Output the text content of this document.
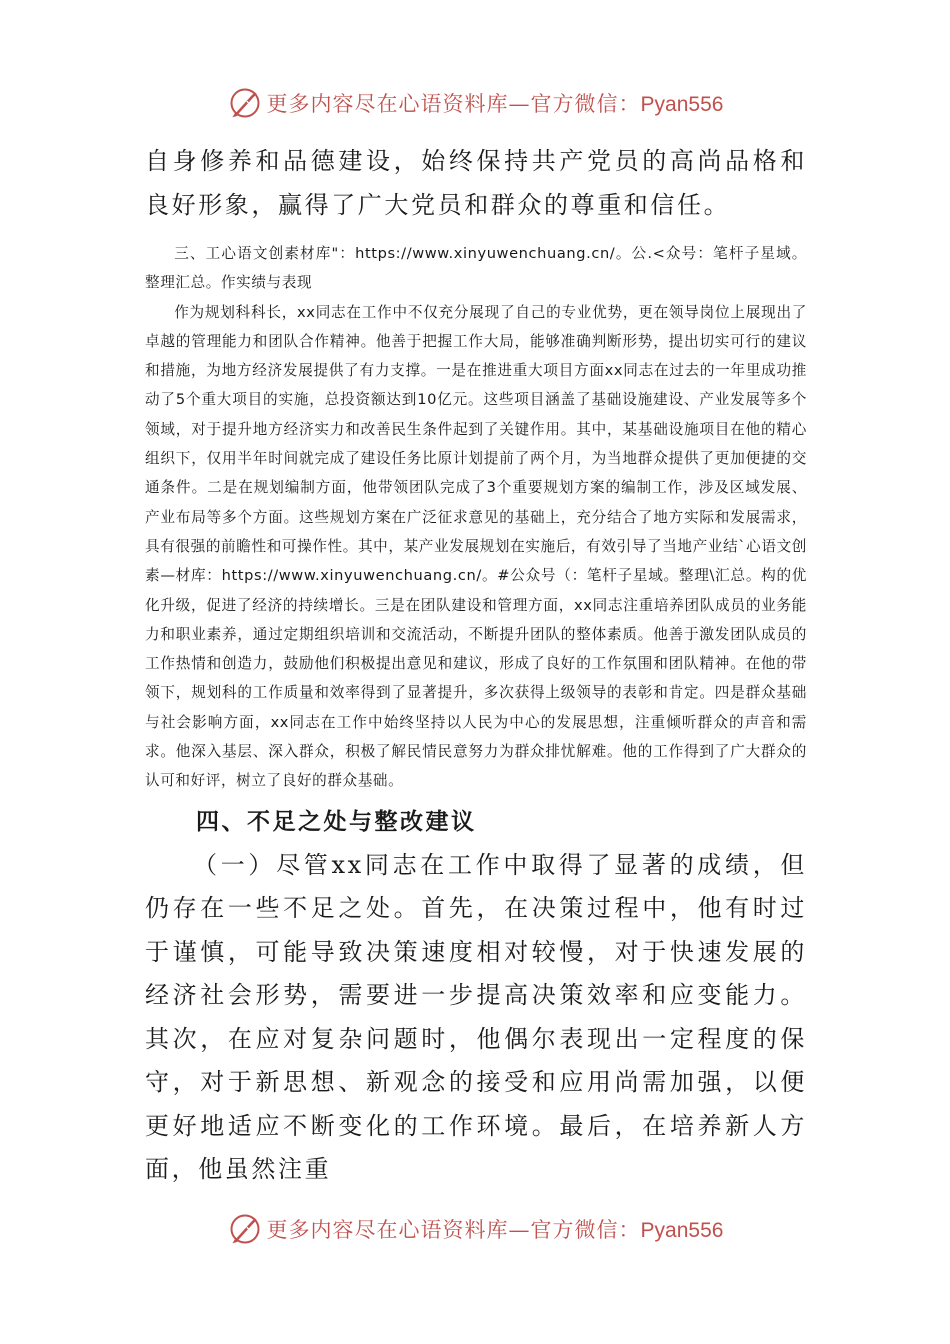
更多内容尽在心语资料库—官方微信：Pyan556

自身修养和品德建设，始终保持共产党员的高尚品格和良好形象，赢得了广大党员和群众的尊重和信任。

三、工心语文创素材库"：https://www.xinyuwenchuang.cn/。公.<众号：笔杆子星域。整理汇总。作实绩与表现

作为规划科科长，xx同志在工作中不仅充分展现了自己的专业优势，更在领导岗位上展现出了卓越的管理能力和团队合作精神。他善于把握工作大局，能够准确判断形势，提出切实可行的建议和措施，为地方经济发展提供了有力支撑。一是在推进重大项目方面xx同志在过去的一年里成功推动了5个重大项目的实施，总投资额达到10亿元。这些项目涵盖了基础设施建设、产业发展等多个领域，对于提升地方经济实力和改善民生条件起到了关键作用。其中，某基础设施项目在他的精心组织下，仅用半年时间就完成了建设任务比原计划提前了两个月，为当地群众提供了更加便捷的交通条件。二是在规划编制方面，他带领团队完成了3个重要规划方案的编制工作，涉及区域发展、产业布局等多个方面。这些规划方案在广泛征求意见的基础上，充分结合了地方实际和发展需求，具有很强的前瞻性和可操作性。其中，某产业发展规划在实施后，有效引导了当地产业结`心语文创素—材库：https://www.xinyuwenchuang.cn/。#公众号（：笔杆子星域。整理\汇总。构的优化升级，促进了经济的持续增长。三是在团队建设和管理方面，xx同志注重培养团队成员的业务能力和职业素养，通过定期组织培训和交流活动，不断提升团队的整体素质。他善于激发团队成员的工作热情和创造力，鼓励他们积极提出意见和建议，形成了良好的工作氛围和团队精神。在他的带领下，规划科的工作质量和效率得到了显著提升，多次获得上级领导的表彰和肯定。四是群众基础与社会影响方面，xx同志在工作中始终坚持以人民为中心的发展思想，注重倾听群众的声音和需求。他深入基层、深入群众，积极了解民情民意努力为群众排忧解难。他的工作得到了广大群众的认可和好评，树立了良好的群众基础。

四、不足之处与整改建议

（一）尽管xx同志在工作中取得了显著的成绩，但仍存在一些不足之处。首先，在决策过程中，他有时过于谨慎，可能导致决策速度相对较慢，对于快速发展的经济社会形势，需要进一步提高决策效率和应变能力。其次，在应对复杂问题时，他偶尔表现出一定程度的保守，对于新思想、新观念的接受和应用尚需加强，以便更好地适应不断变化的工作环境。最后，在培养新人方面，他虽然注重

更多内容尽在心语资料库—官方微信：Pyan556
